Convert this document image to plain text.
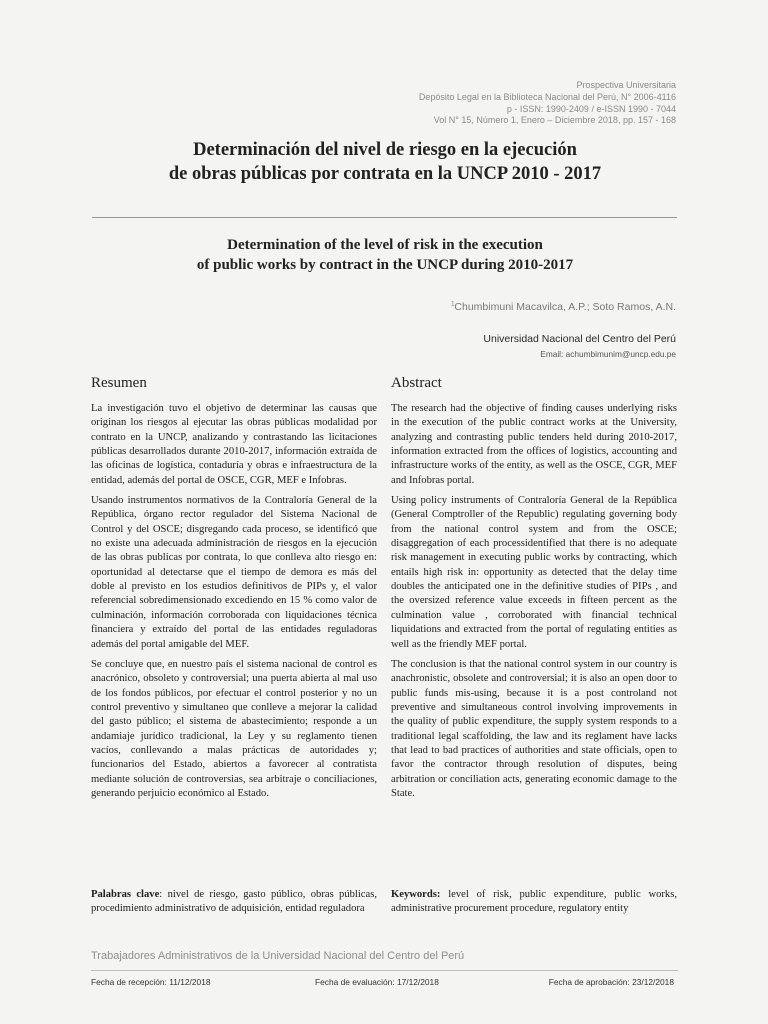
Prospectiva Universitaria
Depósito Legal en la Biblioteca Nacional del Perú, N° 2006-4116
p - ISSN: 1990-2409 / e-ISSN 1990 - 7044
Vol N° 15, Número 1, Enero – Diciembre 2018, pp. 157 - 168
Determinación del nivel de riesgo en la ejecución
de obras públicas por contrata en la UNCP 2010 - 2017
Determination of the level of risk in the execution
of public works by contract in the UNCP during 2010-2017
$^1$Chumbimuni Macavilca, A.P.; Soto Ramos, A.N.
Universidad Nacional del Centro del Perú
Email: achumbimunim@uncp.edu.pe
Resumen

La investigación tuvo el objetivo de determinar las causas que originan los riesgos al ejecutar las obras públicas modalidad por contrato en la UNCP, analizando y contrastando las licitaciones públicas desarrollados durante 2010-2017, información extraída de las oficinas de logística, contaduría y obras e infraestructura de la entidad, además del portal de OSCE, CGR, MEF e Infobras.

Usando instrumentos normativos de la Contraloría General de la República, órgano rector regulador del Sistema Nacional de Control y del OSCE; disgregando cada proceso, se identificó que no existe una adecuada administración de riesgos en la ejecución de las obras publicas por contrata, lo que conlleva alto riesgo en: oportunidad al detectarse que el tiempo de demora es más del doble al previsto en los estudios definitivos de PIPs y, el valor referencial sobredimensionado excediendo en 15 % como valor de culminación, información corroborada con liquidaciones técnica financiera y extraído del portal de las entidades reguladoras además del portal amigable del MEF.

Se concluye que, en nuestro país el sistema nacional de control es anacrónico, obsoleto y controversial; una puerta abierta al mal uso de los fondos públicos, por efectuar el control posterior y no un control preventivo y simultaneo que conlleve a mejorar la calidad del gasto público; el sistema de abastecimiento; responde a un andamiaje jurídico tradicional, la Ley y su reglamento tienen vacíos, conllevando a malas prácticas de autoridades y; funcionarios del Estado, abiertos a favorecer al contratista mediante solución de controversias, sea arbitraje o conciliaciones, generando perjuicio económico al Estado.

Abstract

The research had the objective of finding causes underlying risks in the execution of the public contract works at the University, analyzing and contrasting public tenders held during 2010-2017, information extracted from the offices of logistics, accounting and infrastructure works of the entity, as well as the OSCE, CGR, MEF and Infobras portal.

Using policy instruments of Contraloría General de la República (General Comptroller of the Republic) regulating governing body from the national control system and from the OSCE; disaggregation of each processidentified that there is no adequate risk management in executing public works by contracting, which entails high risk in: opportunity as detected that the delay time doubles the anticipated one in the definitive studies of PIPs , and the oversized reference value exceeds in fifteen percent as the culmination value , corroborated with financial technical liquidations and extracted from the portal of regulating entities as well as the friendly MEF portal.

The conclusion is that the national control system in our country is anachronistic, obsolete and controversial; it is also an open door to public funds mis-using, because it is a post controland not preventive and simultaneous control involving improvements in the quality of public expenditure, the supply system responds to a traditional legal scaffolding, the law and its reglament have lacks that lead to bad practices of authorities and state officials, open to favor the contractor through resolution of disputes, being arbitration or conciliation acts, generating economic damage to the State.

Palabras clave: nivel de riesgo, gasto público, obras públicas, procedimiento administrativo de adquisición, entidad reguladora
Keywords: level of risk, public expenditure, public works, administrative procurement procedure, regulatory entity
Trabajadores Administrativos de la Universidad Nacional del Centro del Perú
Fecha de recepción: 11/12/2018	Fecha de evaluación: 17/12/2018	Fecha de aprobación: 23/12/2018
